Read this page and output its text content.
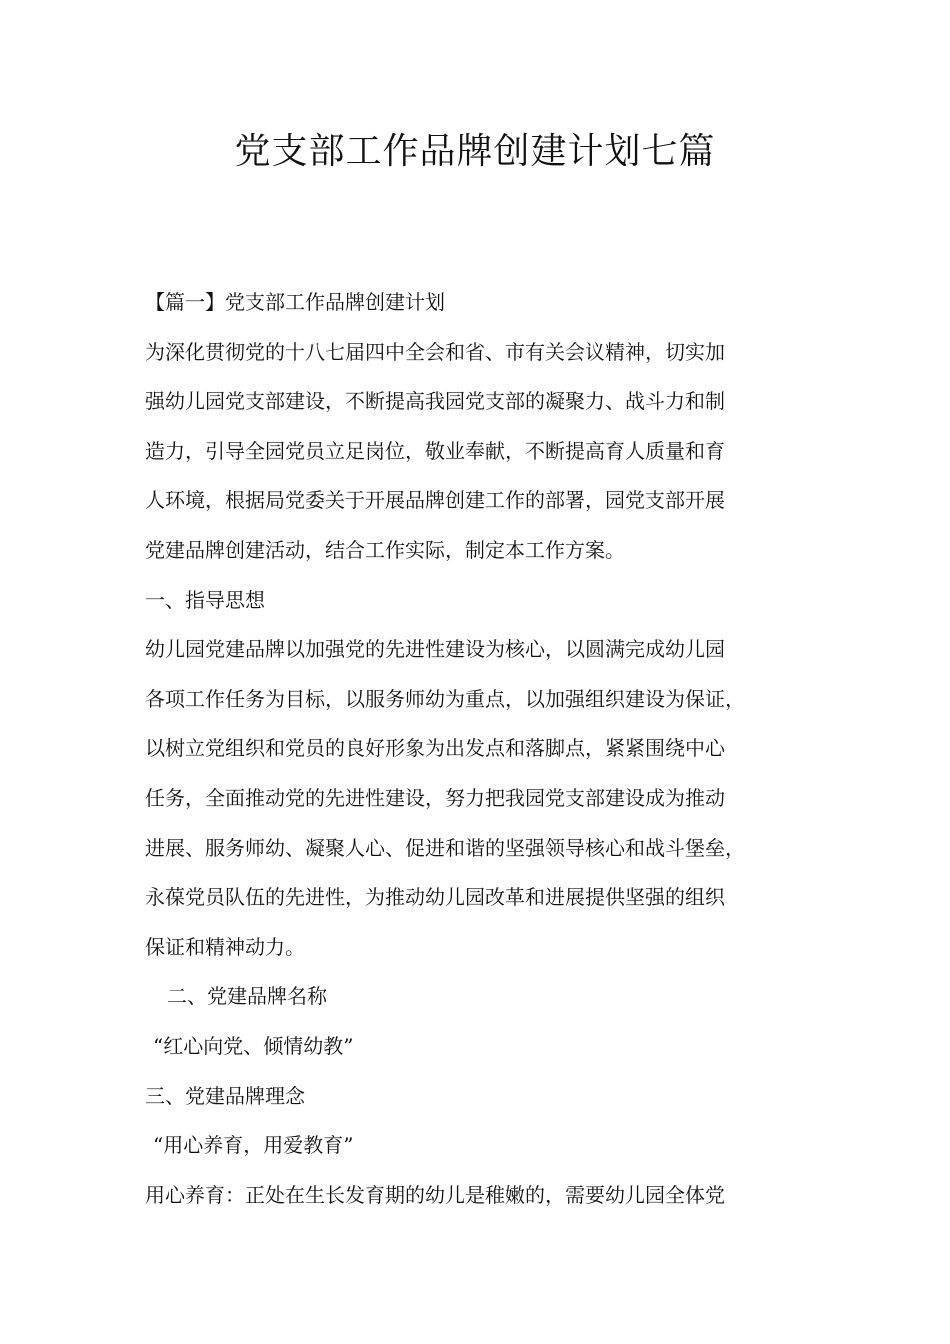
党支部工作品牌创建计划七篇

【篇一】党支部工作品牌创建计划

为深化贯彻党的十八七届四中全会和省、市有关会议精神，切实加

强幼儿园党支部建设，不断提高我园党支部的凝聚力、战斗力和制

造力，引导全园党员立足岗位，敬业奉献，不断提高育人质量和育

人环境，根据局党委关于开展品牌创建工作的部署，园党支部开展

党建品牌创建活动，结合工作实际，制定本工作方案。

一、指导思想

幼儿园党建品牌以加强党的先进性建设为核心，以圆满完成幼儿园

各项工作任务为目标，以服务师幼为重点，以加强组织建设为保证，

以树立党组织和党员的良好形象为出发点和落脚点，紧紧围绕中心

任务，全面推动党的先进性建设，努力把我园党支部建设成为推动

进展、服务师幼、凝聚人心、促进和谐的坚强领导核心和战斗堡垒，

永葆党员队伍的先进性，为推动幼儿园改革和进展提供坚强的组织

保证和精神动力。

二、党建品牌名称

“红心向党、倾情幼教”

三、党建品牌理念

“用心养育，用爱教育”

用心养育：正处在生长发育期的幼儿是稚嫩的，需要幼儿园全体党
